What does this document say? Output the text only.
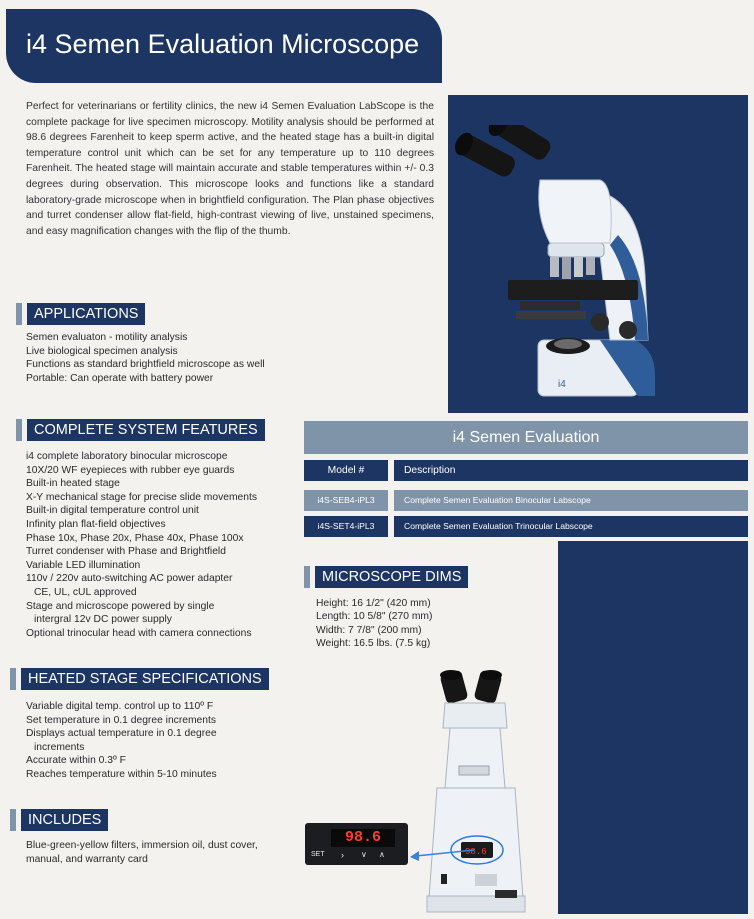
i4 Semen Evaluation Microscope
Perfect for veterinarians or fertility clinics, the new i4 Semen Evaluation LabScope is the complete package for live specimen microscopy. Motility analysis should be performed at 98.6 degrees Farenheit to keep sperm active, and the heated stage has a built-in digital temperature control unit which can be set for any temperature up to 110 degrees Farenheit. The heated stage will maintain accurate and stable temperatures within +/- 0.3 degrees during observation. This microscope looks and functions like a standard laboratory-grade microscope when in brightfield configuration. The Plan phase objectives and turret condenser allow flat-field, high-contrast viewing of live, unstained specimens, and easy magnification changes with the flip of the thumb.
i4
APPLICATIONS
Semen evaluaton - motility analysis
Live biological specimen analysis
Functions as standard brightfield microscope as well
Portable: Can operate with battery power
COMPLETE SYSTEM FEATURES
i4 complete laboratory binocular microscope
10X/20 WF eyepieces with rubber eye guards
Built-in heated stage
X-Y mechanical stage for precise slide movements
Built-in digital temperature control unit
Infinity plan flat-field objectives
Phase 10x, Phase 20x, Phase 40x, Phase 100x
Turret condenser with Phase and Brightfield
Variable LED illumination
110v / 220v auto-switching AC power adapter
CE, UL, cUL approved
Stage and microscope powered by single
intergral 12v DC power supply
Optional trinocular head with camera connections
HEATED STAGE SPECIFICATIONS
Variable digital temp. control up to 110º F
Set temperature in 0.1 degree increments
Displays actual temperature in 0.1 degree
increments
Accurate within 0.3º F
Reaches temperature within 5-10 minutes
INCLUDES
Blue-green-yellow filters, immersion oil, dust cover,
manual, and warranty card
i4 Semen Evaluation
Model #	Description
i4S-SEB4-iPL3	Complete Semen Evaluation Binocular Labscope
i4S-SET4-iPL3	Complete Semen Evaluation Trinocular Labscope
MICROSCOPE DIMS
Height: 16 1/2" (420 mm)
Length: 10 5/8" (270 mm)
Width: 7 7/8" (200 mm)
Weight: 16.5 lbs. (7.5 kg)
98.6
98.6
SET ›	∨	∧
